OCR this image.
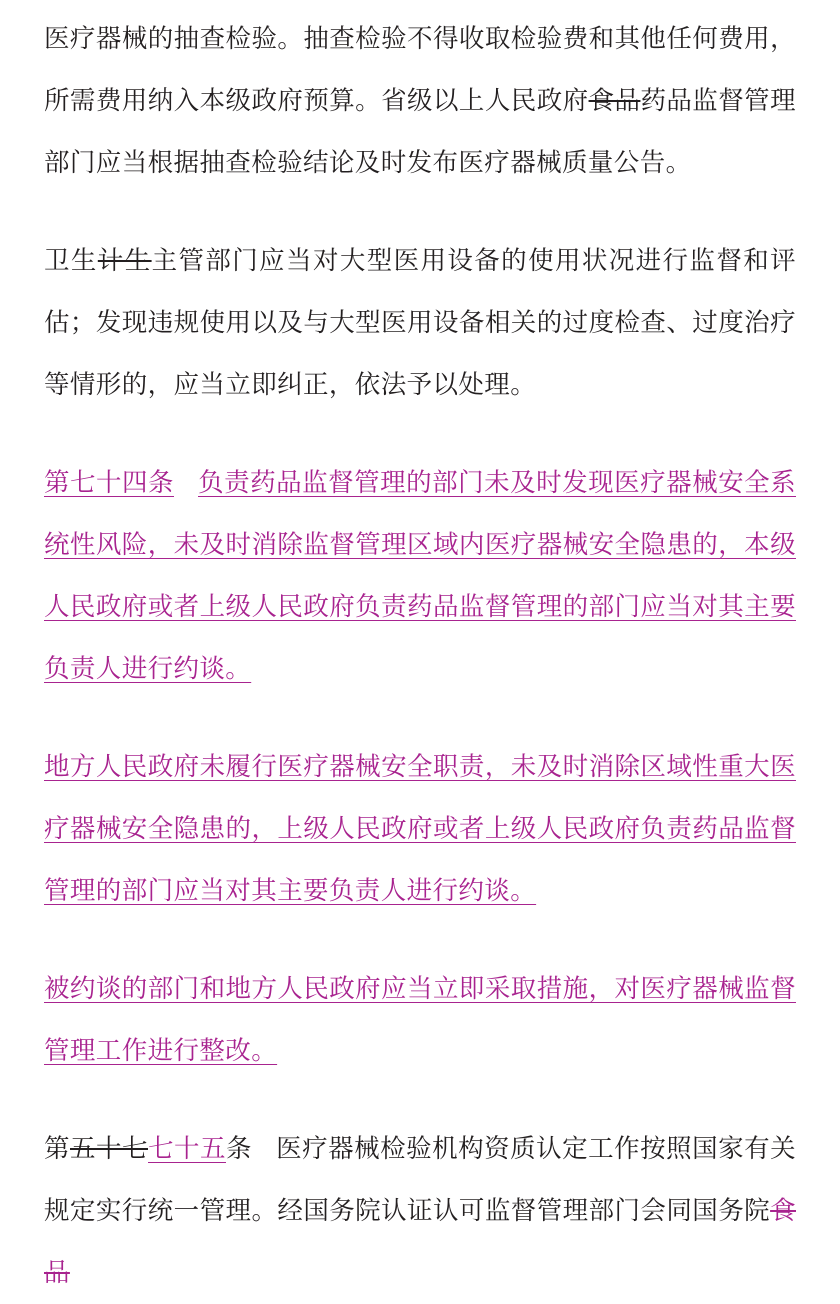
医疗器械的抽查检验。抽查检验不得收取检验费和其他任何费用，所需费用纳入本级政府预算。省级以上人民政府食品药品监督管理部门应当根据抽查检验结论及时发布医疗器械质量公告。

卫生计生主管部门应当对大型医用设备的使用状况进行监督和评估；发现违规使用以及与大型医用设备相关的过度检查、过度治疗等情形的，应当立即纠正，依法予以处理。

第七十四条 负责药品监督管理的部门未及时发现医疗器械安全系统性风险，未及时消除监督管理区域内医疗器械安全隐患的，本级人民政府或者上级人民政府负责药品监督管理的部门应当对其主要负责人进行约谈。

地方人民政府未履行医疗器械安全职责，未及时消除区域性重大医疗器械安全隐患的，上级人民政府或者上级人民政府负责药品监督管理的部门应当对其主要负责人进行约谈。

被约谈的部门和地方人民政府应当立即采取措施，对医疗器械监督管理工作进行整改。

第五十七七十五条 医疗器械检验机构资质认定工作按照国家有关规定实行统一管理。经国务院认证认可监督管理部门会同国务院食品
